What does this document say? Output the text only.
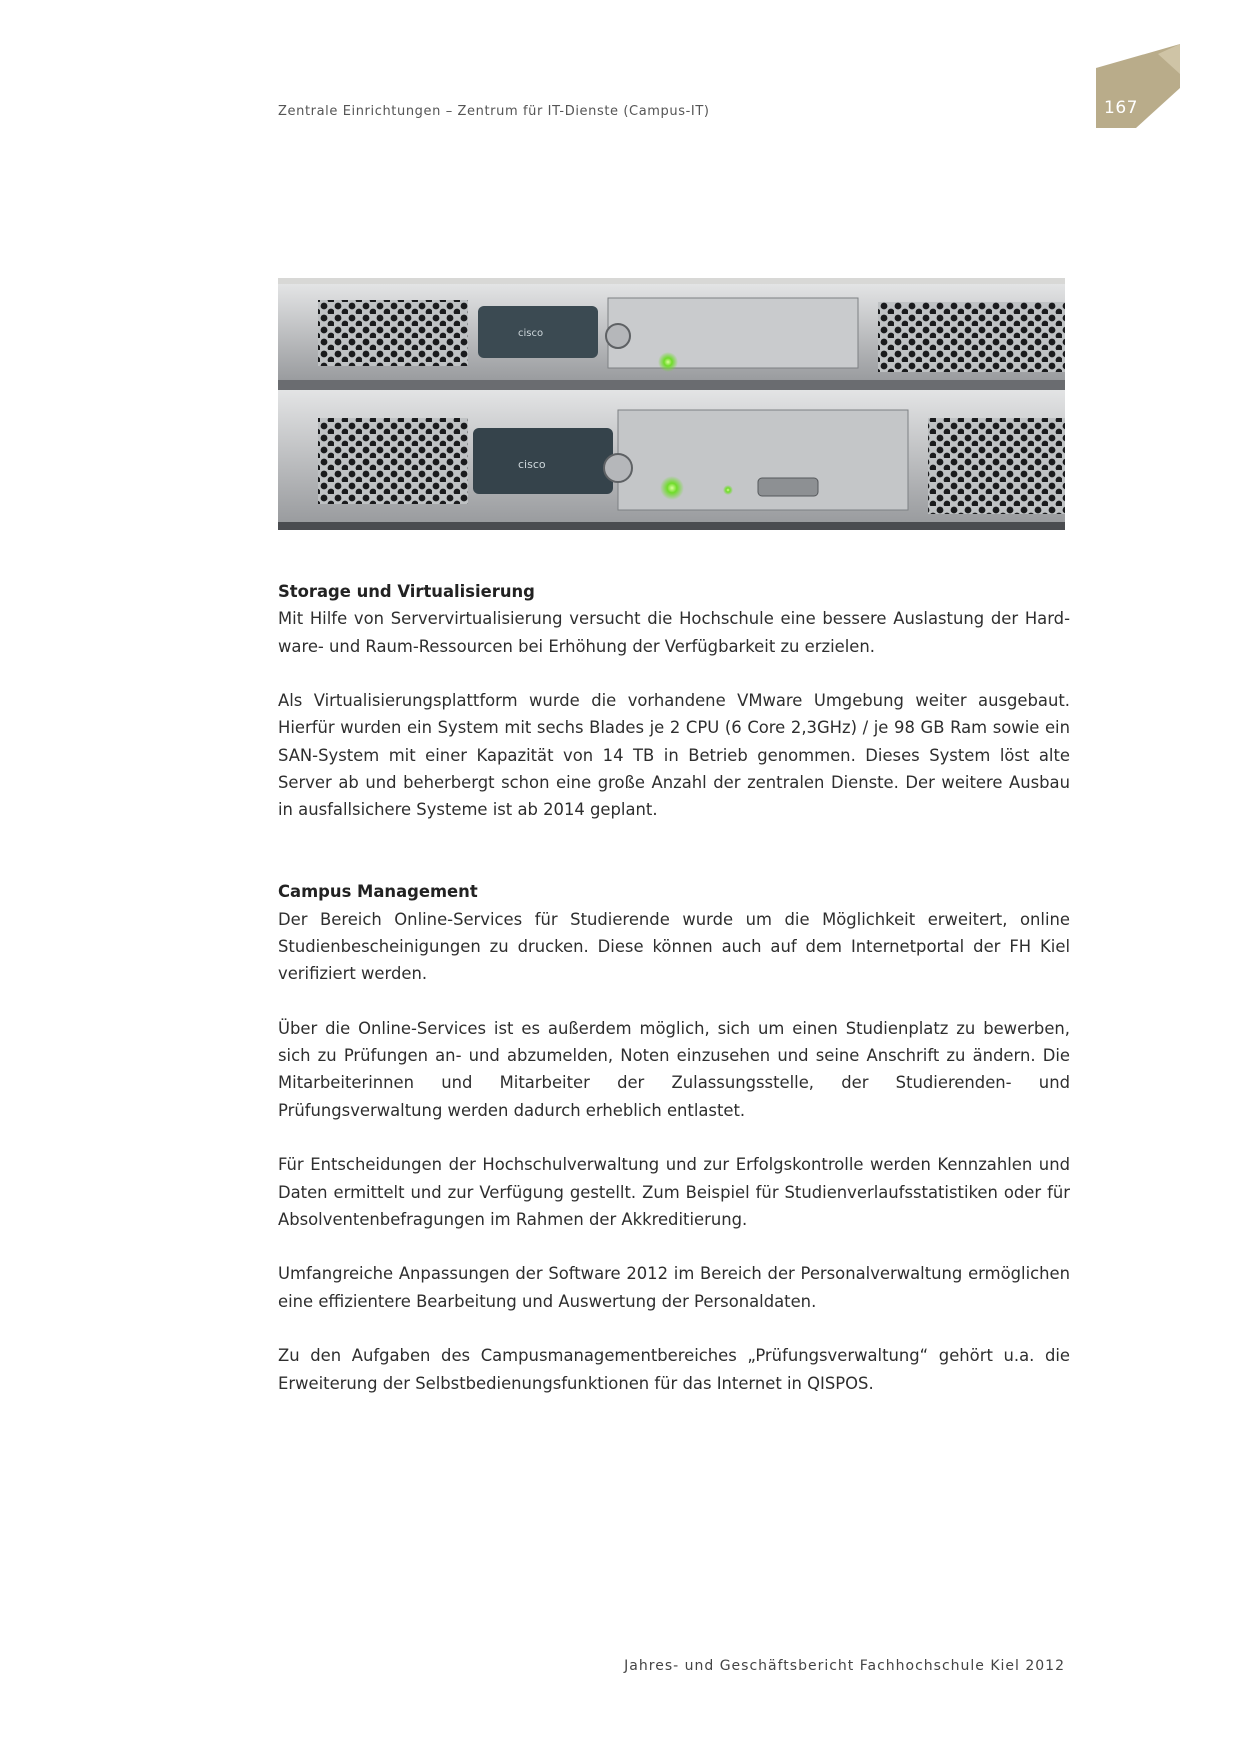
Zentrale Einrichtungen – Zentrum für IT-Dienste (Campus-IT)	167
cisco
cisco
Storage und Virtualisierung

Mit Hilfe von Servervirtualisierung versucht die Hochschule eine bessere Auslastung der Hardware- und Raum-Ressourcen bei Erhöhung der Verfügbarkeit zu erzielen.

Als Virtualisierungsplattform wurde die vorhandene VMware Umgebung weiter ausgebaut. Hierfür wurden ein System mit sechs Blades je 2 CPU (6 Core 2,3GHz) / je 98 GB Ram sowie ein SAN-System mit einer Kapazität von 14 TB in Betrieb genommen. Dieses System löst alte Server ab und beherbergt schon eine große Anzahl der zentralen Dienste. Der weitere Ausbau in ausfallsichere Systeme ist ab 2014 geplant.

Campus Management

Der Bereich Online-Services für Studierende wurde um die Möglichkeit erweitert, online Studienbescheinigungen zu drucken. Diese können auch auf dem Internetportal der FH Kiel verifiziert werden.

Über die Online-Services ist es außerdem möglich, sich um einen Studienplatz zu bewerben, sich zu Prüfungen an- und abzumelden, Noten einzusehen und seine Anschrift zu ändern. Die Mitarbeiterinnen und Mitarbeiter der Zulassungsstelle, der Studierenden- und Prüfungsverwaltung werden dadurch erheblich entlastet.

Für Entscheidungen der Hochschulverwaltung und zur Erfolgskontrolle werden Kennzahlen und Daten ermittelt und zur Verfügung gestellt. Zum Beispiel für Studienverlaufsstatistiken oder für Absolventenbefragungen im Rahmen der Akkreditierung.

Umfangreiche Anpassungen der Software 2012 im Bereich der Personalverwaltung ermöglichen eine effizientere Bearbeitung und Auswertung der Personaldaten.

Zu den Aufgaben des Campusmanagementbereiches „Prüfungsverwaltung“ gehört u.a. die Erweiterung der Selbstbedienungsfunktionen für das Internet in QISPOS.

Jahres- und Geschäftsbericht Fachhochschule Kiel 2012
